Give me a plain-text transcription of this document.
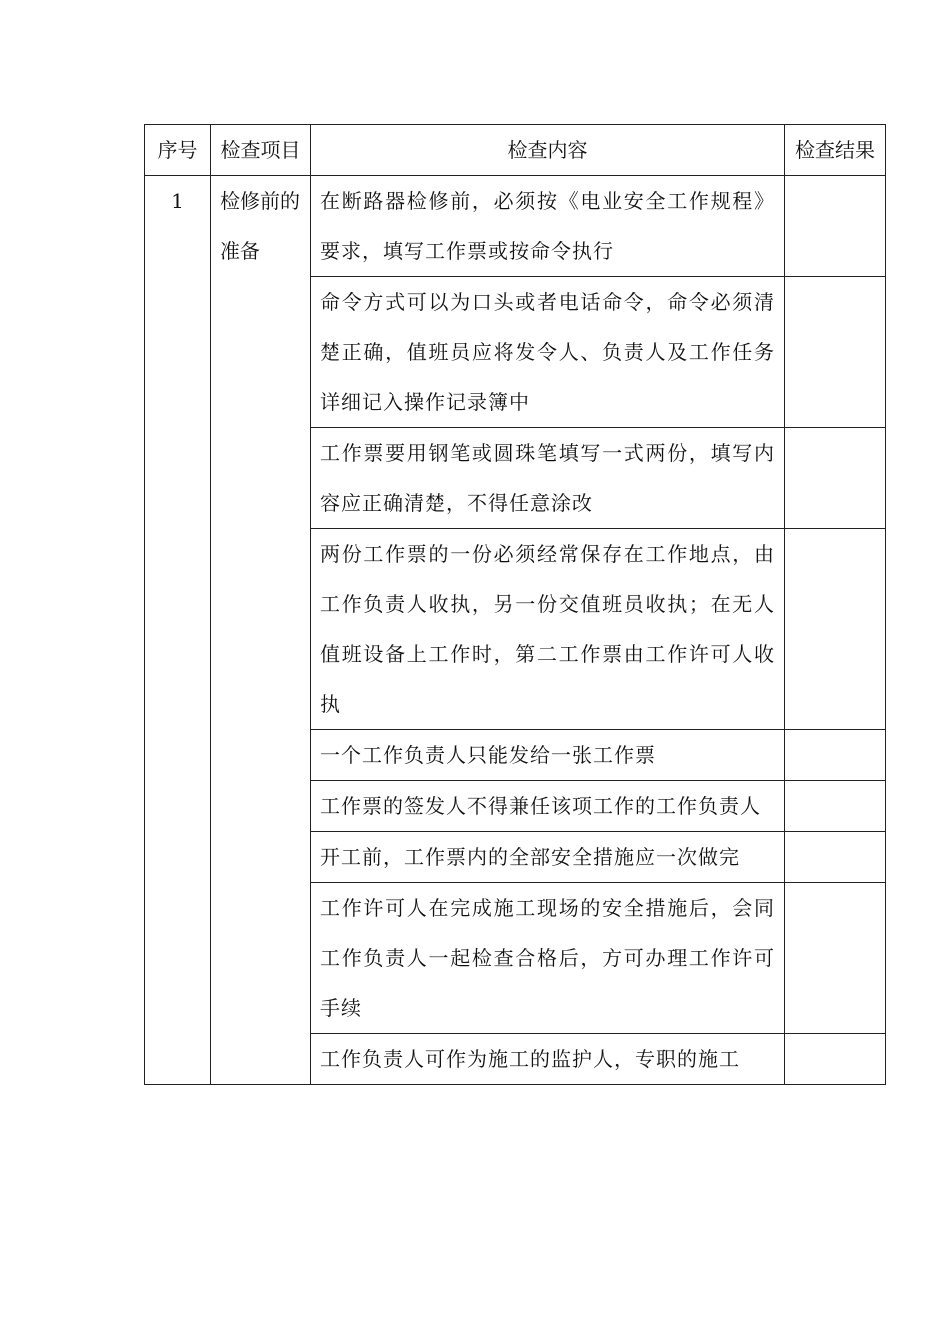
序号	检查项目	检查内容	检查结果
1	检修前的准备	在断路器检修前，必须按《电业安全工作规程》要求，填写工作票或按命令执行	
		命令方式可以为口头或者电话命令，命令必须清楚正确，值班员应将发令人、负责人及工作任务详细记入操作记录簿中	
		工作票要用钢笔或圆珠笔填写一式两份，填写内容应正确清楚，不得任意涂改	
		两份工作票的一份必须经常保存在工作地点，由工作负责人收执，另一份交值班员收执；在无人值班设备上工作时，第二工作票由工作许可人收执	
		一个工作负责人只能发给一张工作票	
		工作票的签发人不得兼任该项工作的工作负责人	
		开工前，工作票内的全部安全措施应一次做完	
		工作许可人在完成施工现场的安全措施后，会同工作负责人一起检查合格后，方可办理工作许可手续	
		工作负责人可作为施工的监护人，专职的施工	
